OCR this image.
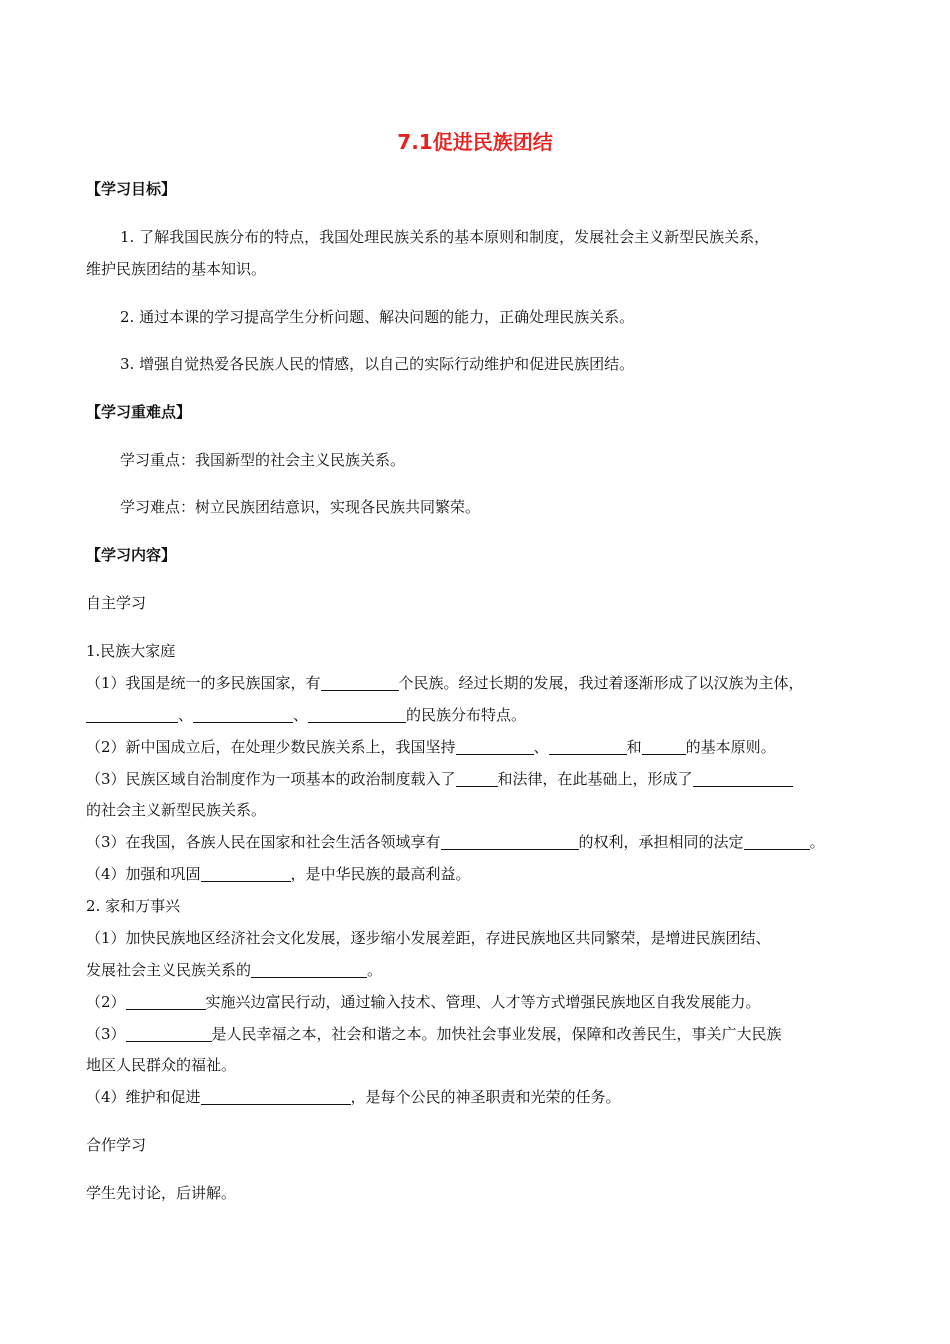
7.1促进民族团结
【学习目标】
1. 了解我国民族分布的特点，我国处理民族关系的基本原则和制度，发展社会主义新型民族关系，
维护民族团结的基本知识。
2. 通过本课的学习提高学生分析问题、解决问题的能力，正确处理民族关系。
3. 增强自觉热爱各民族人民的情感，以自己的实际行动维护和促进民族团结。
【学习重难点】
学习重点：我国新型的社会主义民族关系。
学习难点：树立民族团结意识，实现各民族共同繁荣。
【学习内容】
自主学习
1.民族大家庭
（1）我国是统一的多民族国家，有	个民族。经过长期的发展，我过着逐渐形成了以汉族为主体，
、	、	的民族分布特点。
（2）新中国成立后，在处理少数民族关系上，我国坚持	、	和	的基本原则。
（3）民族区域自治制度作为一项基本的政治制度载入了	和法律，在此基础上，形成了
的社会主义新型民族关系。
（3）在我国，各族人民在国家和社会生活各领域享有	的权利，承担相同的法定	。
（4）加强和巩固	，是中华民族的最高利益。
2. 家和万事兴
（1）加快民族地区经济社会文化发展，逐步缩小发展差距，存进民族地区共同繁荣，是增进民族团结、
发展社会主义民族关系的	。
（2）	实施兴边富民行动，通过输入技术、管理、人才等方式增强民族地区自我发展能力。
（3）	是人民幸福之本，社会和谐之本。加快社会事业发展，保障和改善民生，事关广大民族
地区人民群众的福祉。
（4）维护和促进	，是每个公民的神圣职责和光荣的任务。
合作学习
学生先讨论，后讲解。
